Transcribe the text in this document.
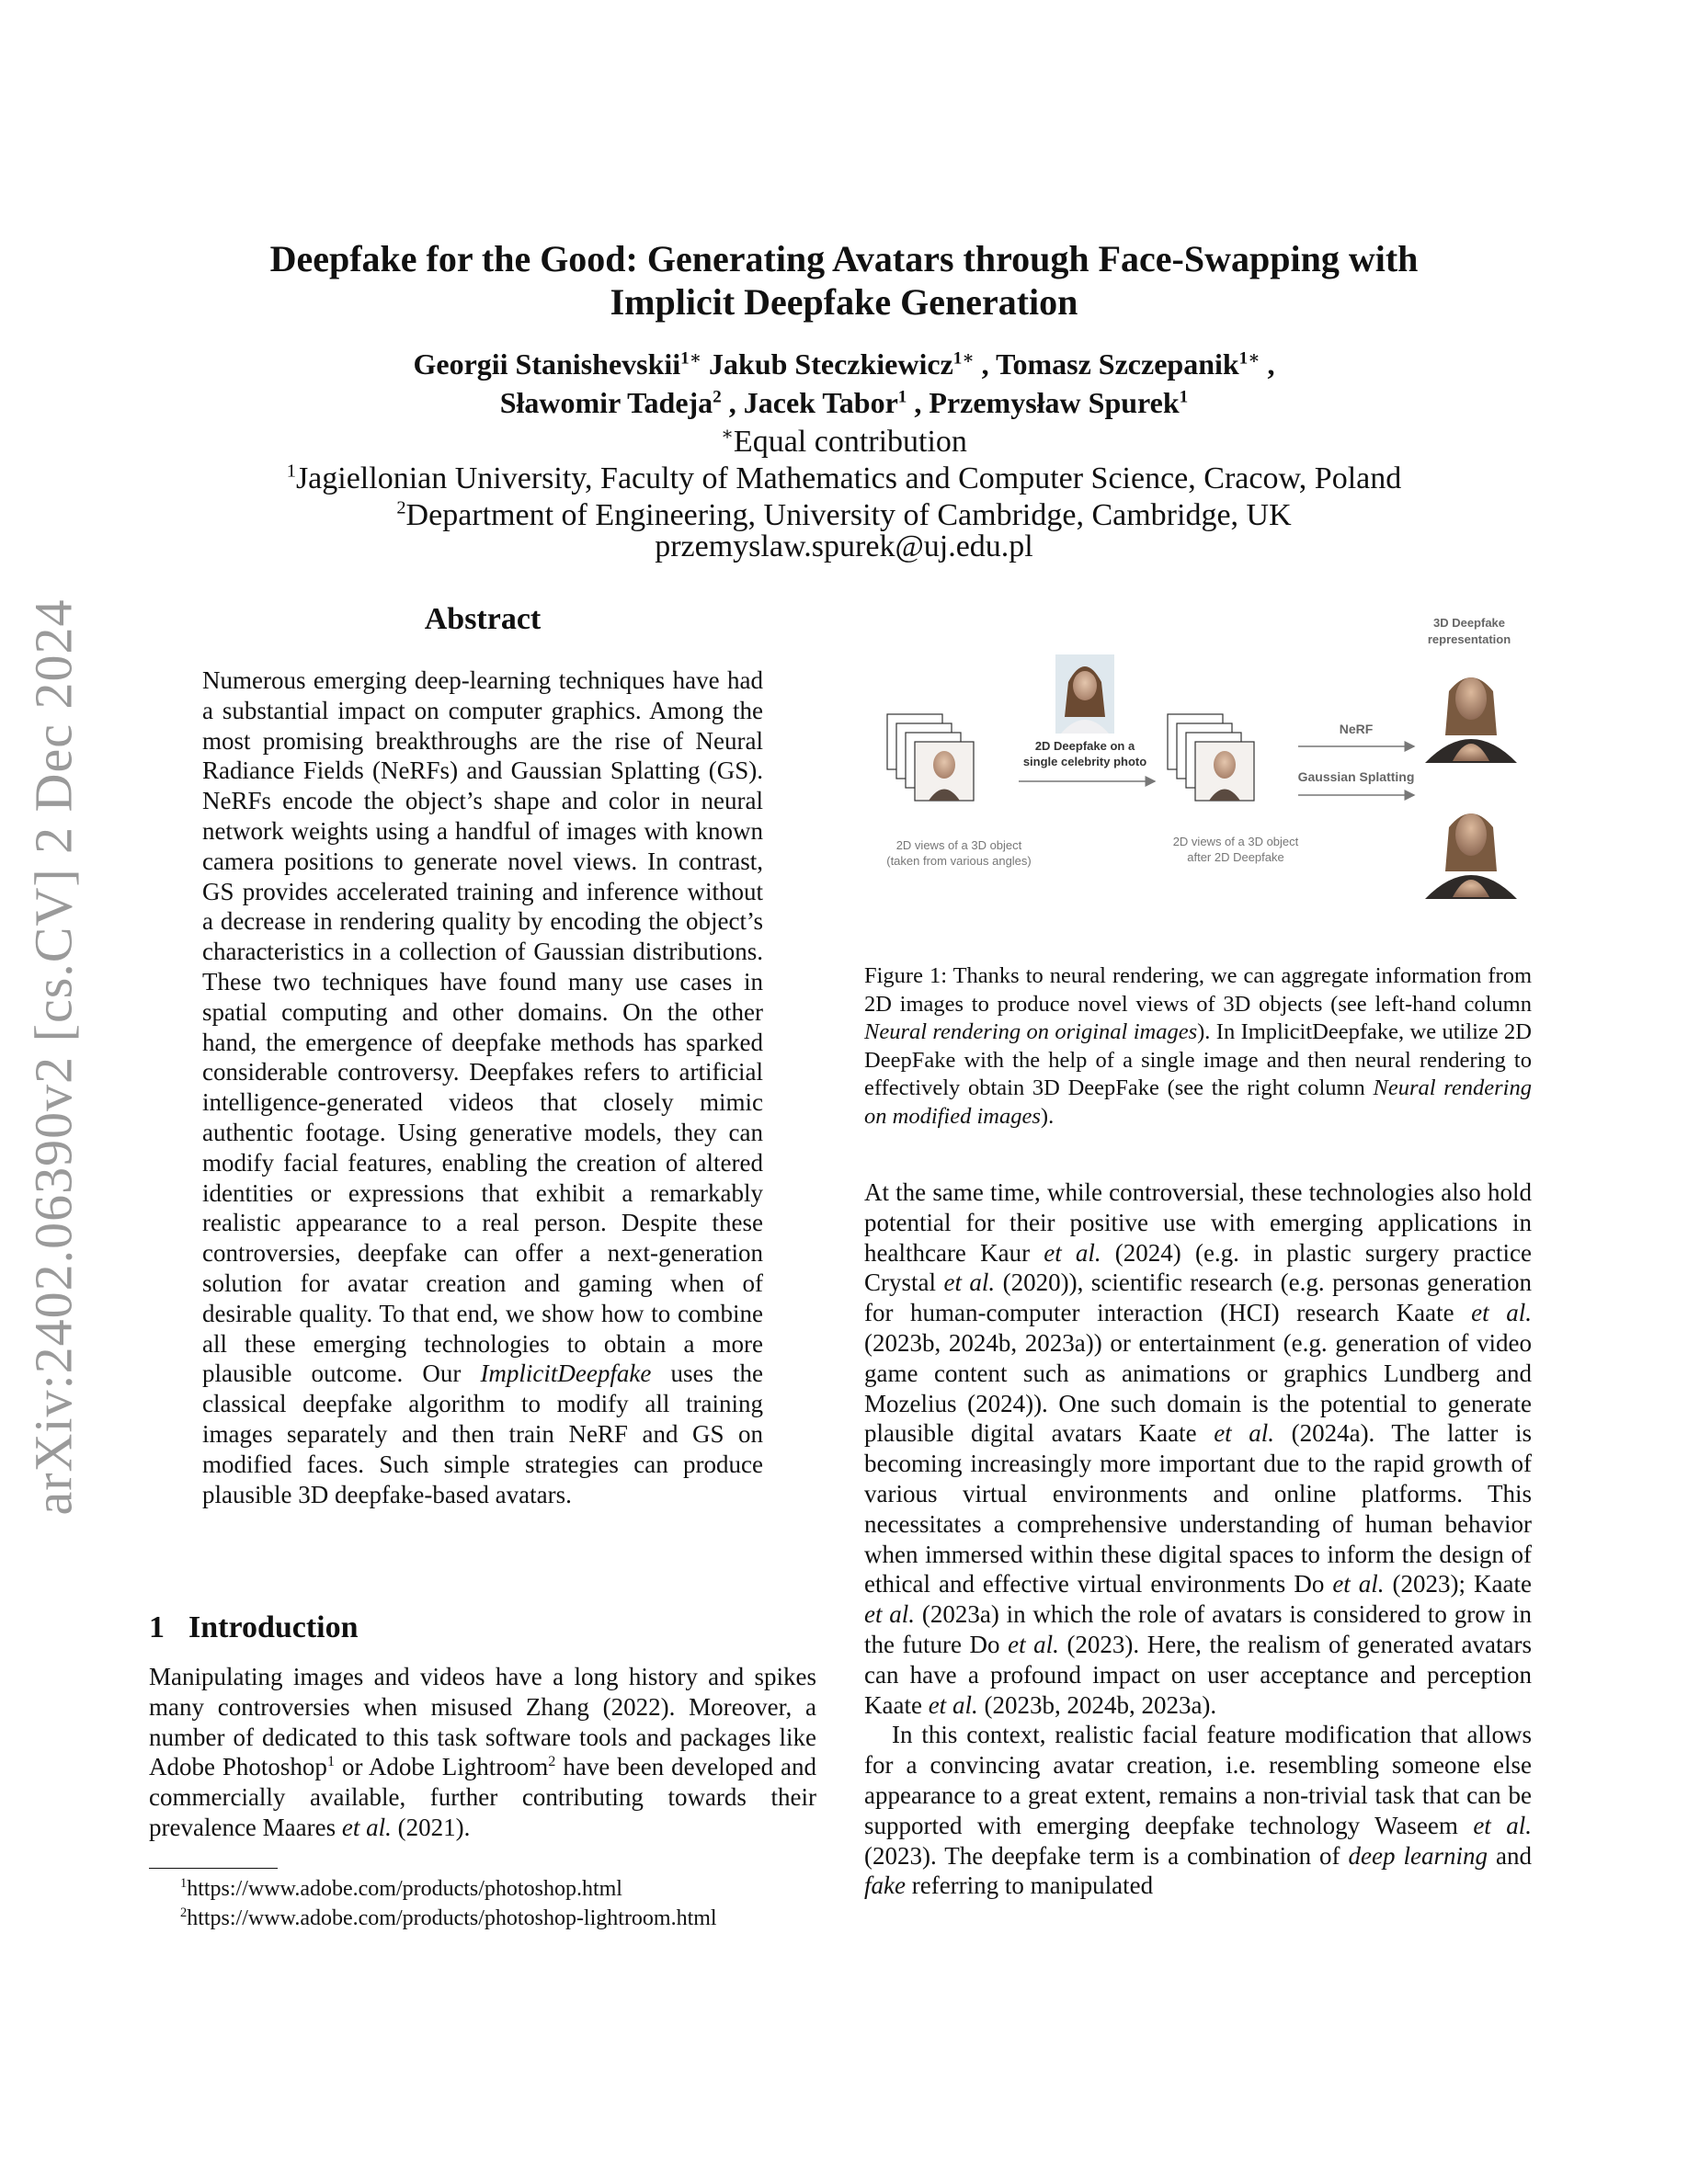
arXiv:2402.06390v2 [cs.CV] 2 Dec 2024
Deepfake for the Good: Generating Avatars through Face-Swapping with
Implicit Deepfake Generation
Georgii Stanishevskii$^{1∗}$ Jakub Steczkiewicz$^{1∗}$ , Tomasz Szczepanik$^{1∗}$ ,
Sławomir Tadeja$^2$ , Jacek Tabor$^1$ , Przemysław Spurek$^1$
∗Equal contribution
$^1$Jagiellonian University, Faculty of Mathematics and Computer Science, Cracow, Poland
$^2$Department of Engineering, University of Cambridge, Cambridge, UK
przemyslaw.spurek@uj.edu.pl
Abstract
Numerous emerging deep-learning techniques have had a substantial impact on computer graphics. Among the most promising breakthroughs are the rise of Neural Radiance Fields (NeRFs) and Gaussian Splatting (GS). NeRFs encode the object’s shape and color in neural network weights using a handful of images with known camera positions to generate novel views. In contrast, GS provides accelerated training and inference without a decrease in rendering quality by encoding the object’s characteristics in a collection of Gaussian distributions. These two techniques have found many use cases in spatial computing and other domains. On the other hand, the emergence of deepfake methods has sparked considerable controversy. Deepfakes refers to artificial intelligence-generated videos that closely mimic authentic footage. Using generative models, they can modify facial features, enabling the creation of altered identities or expressions that exhibit a remarkably realistic appearance to a real person. Despite these controversies, deepfake can offer a next-generation solution for avatar creation and gaming when of desirable quality. To that end, we show how to combine all these emerging technologies to obtain a more plausible outcome. Our ImplicitDeepfake uses the classical deepfake algorithm to modify all training images separately and then train NeRF and GS on modified faces. Such simple strategies can produce plausible 3D deepfake-based avatars.
1 Introduction
Manipulating images and videos have a long history and spikes many controversies when misused Zhang (2022). Moreover, a number of dedicated to this task software tools and packages like Adobe Photoshop$^1$ or Adobe Lightroom$^2$ have been developed and commercially available, further contributing towards their prevalence Maares et al. (2021).
$^1$https://www.adobe.com/products/photoshop.html
$^2$https://www.adobe.com/products/photoshop-lightroom.html
2D Deepfake on a
single celebrity photo
NeRF
Gaussian Splatting
3D Deepfake
representation
2D views of a 3D object
(taken from various angles)
2D views of a 3D object
after 2D Deepfake
Figure 1: Thanks to neural rendering, we can aggregate information from 2D images to produce novel views of 3D objects (see left-hand column Neural rendering on original images). In ImplicitDeepfake, we utilize 2D DeepFake with the help of a single image and then neural rendering to effectively obtain 3D DeepFake (see the right column Neural rendering on modified images).
At the same time, while controversial, these technologies also hold potential for their positive use with emerging applications in healthcare Kaur et al. (2024) (e.g. in plastic surgery practice Crystal et al. (2020)), scientific research (e.g. personas generation for human-computer interaction (HCI) research Kaate et al. (2023b, 2024b, 2023a)) or entertainment (e.g. generation of video game content such as animations or graphics Lundberg and Mozelius (2024)). One such domain is the potential to generate plausible digital avatars Kaate et al. (2024a). The latter is becoming increasingly more important due to the rapid growth of various virtual environments and online platforms. This necessitates a comprehensive understanding of human behavior when immersed within these digital spaces to inform the design of ethical and effective virtual environments Do et al. (2023); Kaate et al. (2023a) in which the role of avatars is considered to grow in the future Do et al. (2023). Here, the realism of generated avatars can have a profound impact on user acceptance and perception Kaate et al. (2023b, 2024b, 2023a).
In this context, realistic facial feature modification that allows for a convincing avatar creation, i.e. resembling someone else appearance to a great extent, remains a non-trivial task that can be supported with emerging deepfake technology Waseem et al. (2023). The deepfake term is a combination of deep learning and fake referring to manipulated
